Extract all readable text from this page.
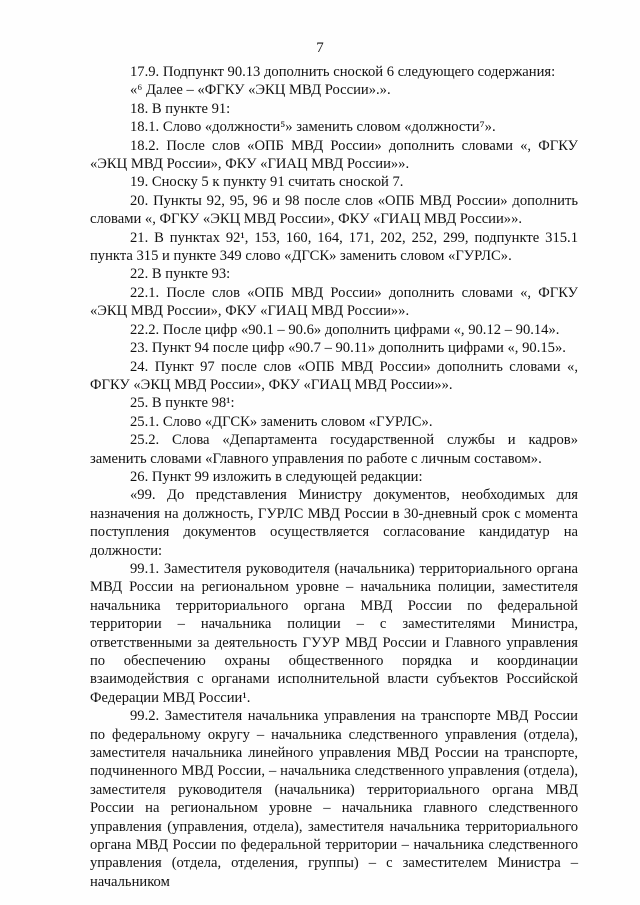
7

17.9. Подпункт 90.13 дополнить сноской 6 следующего содержания:

«⁶ Далее – «ФГКУ «ЭКЦ МВД России».».

18. В пункте 91:

18.1. Слово «должности⁵» заменить словом «должности⁷».

18.2. После слов «ОПБ МВД России» дополнить словами «, ФГКУ «ЭКЦ МВД России», ФКУ «ГИАЦ МВД России»».

19. Сноску 5 к пункту 91 считать сноской 7.

20. Пункты 92, 95, 96 и 98 после слов «ОПБ МВД России» дополнить словами «, ФГКУ «ЭКЦ МВД России», ФКУ «ГИАЦ МВД России»».

21. В пунктах 92¹, 153, 160, 164, 171, 202, 252, 299, подпункте 315.1 пункта 315 и пункте 349 слово «ДГСК» заменить словом «ГУРЛС».

22. В пункте 93:

22.1. После слов «ОПБ МВД России» дополнить словами «, ФГКУ «ЭКЦ МВД России», ФКУ «ГИАЦ МВД России»».

22.2. После цифр «90.1 – 90.6» дополнить цифрами «, 90.12 – 90.14».

23. Пункт 94 после цифр «90.7 – 90.11» дополнить цифрами «, 90.15».

24. Пункт 97 после слов «ОПБ МВД России» дополнить словами «, ФГКУ «ЭКЦ МВД России», ФКУ «ГИАЦ МВД России»».

25. В пункте 98¹:

25.1. Слово «ДГСК» заменить словом «ГУРЛС».

25.2. Слова «Департамента государственной службы и кадров» заменить словами «Главного управления по работе с личным составом».

26. Пункт 99 изложить в следующей редакции:

«99. До представления Министру документов, необходимых для назначения на должность, ГУРЛС МВД России в 30-дневный срок с момента поступления документов осуществляется согласование кандидатур на должности:

99.1. Заместителя руководителя (начальника) территориального органа МВД России на региональном уровне – начальника полиции, заместителя начальника территориального органа МВД России по федеральной территории – начальника полиции – с заместителями Министра, ответственными за деятельность ГУУР МВД России и Главного управления по обеспечению охраны общественного порядка и координации взаимодействия с органами исполнительной власти субъектов Российской Федерации МВД России¹.

99.2. Заместителя начальника управления на транспорте МВД России по федеральному округу – начальника следственного управления (отдела), заместителя начальника линейного управления МВД России на транспорте, подчиненного МВД России, – начальника следственного управления (отдела), заместителя руководителя (начальника) территориального органа МВД России на региональном уровне – начальника главного следственного управления (управления, отдела), заместителя начальника территориального органа МВД России по федеральной территории – начальника следственного управления (отдела, отделения, группы) – с заместителем Министра – начальником
